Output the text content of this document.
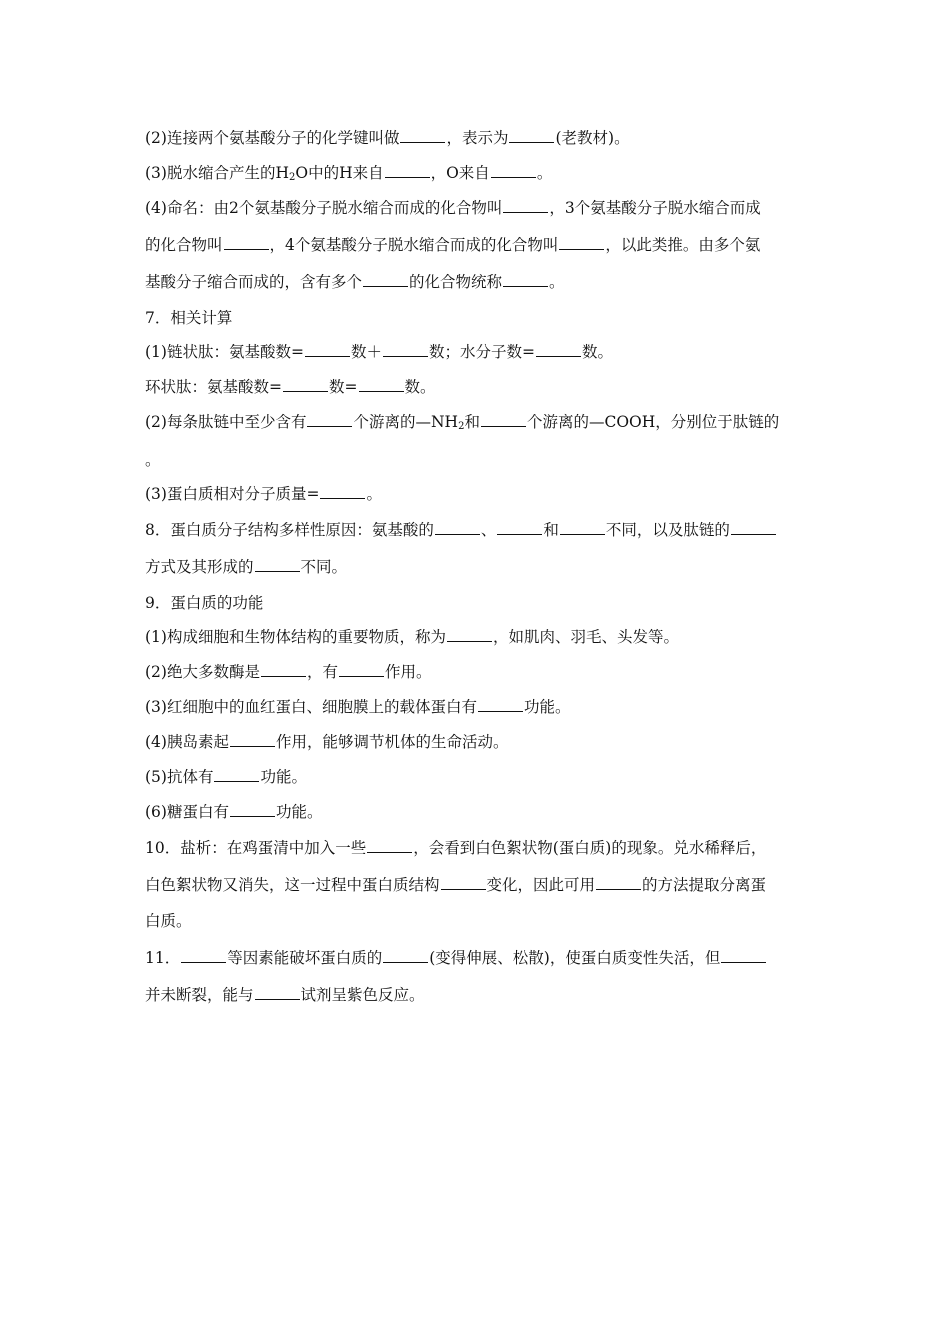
(2)连接两个氨基酸分子的化学键叫做	，表示为	(老教材)。
(3)脱水缩合产生的$H_2O$中的H来自	，O来自	。
(4)命名：由2个氨基酸分子脱水缩合而成的化合物叫	，3个氨基酸分子脱水缩合而成
的化合物叫	，4个氨基酸分子脱水缩合而成的化合物叫	，以此类推。由多个氨
基酸分子缩合而成的，含有多个	的化合物统称	。
7．相关计算
(1)链状肽：氨基酸数=	数＋	数；水分子数=	数。
环状肽：氨基酸数=	数=	数。
(2)每条肽链中至少含有	个游离的$—NH_2$和	个游离的—COOH，分别位于肽链的
。
(3)蛋白质相对分子质量=	。
8．蛋白质分子结构多样性原因：氨基酸的	、	和	不同，以及肽链的
方式及其形成的	不同。
9．蛋白质的功能
(1)构成细胞和生物体结构的重要物质，称为	，如肌肉、羽毛、头发等。
(2)绝大多数酶是	，有	作用。
(3)红细胞中的血红蛋白、细胞膜上的载体蛋白有	功能。
(4)胰岛素起	作用，能够调节机体的生命活动。
(5)抗体有	功能。
(6)糖蛋白有	功能。
10．盐析：在鸡蛋清中加入一些	，会看到白色絮状物(蛋白质)的现象。兑水稀释后，
白色絮状物又消失，这一过程中蛋白质结构	变化，因此可用	的方法提取分离蛋
白质。
11．	等因素能破坏蛋白质的	(变得伸展、松散)，使蛋白质变性失活，但
并未断裂，能与	试剂呈紫色反应。
